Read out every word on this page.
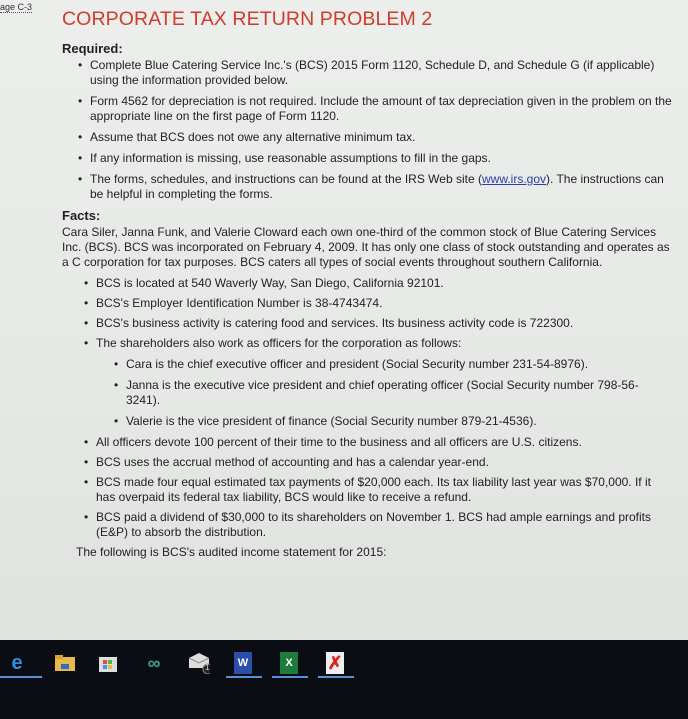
age C-3
CORPORATE TAX RETURN PROBLEM 2
Required:
• Complete Blue Catering Service Inc.'s (BCS) 2015 Form 1120, Schedule D, and Schedule G (if applicable) using the information provided below.
• Form 4562 for depreciation is not required. Include the amount of tax depreciation given in the problem on the appropriate line on the first page of Form 1120.
• Assume that BCS does not owe any alternative minimum tax.
• If any information is missing, use reasonable assumptions to fill in the gaps.
• The forms, schedules, and instructions can be found at the IRS Web site (www.irs.gov). The instructions can be helpful in completing the forms.
Facts:

Cara Siler, Janna Funk, and Valerie Cloward each own one-third of the common stock of Blue Catering Services Inc. (BCS). BCS was incorporated on February 4, 2009. It has only one class of stock outstanding and operates as a C corporation for tax purposes. BCS caters all types of social events throughout southern California.

• BCS is located at 540 Waverly Way, San Diego, California 92101.
• BCS's Employer Identification Number is 38-4743474.
• BCS's business activity is catering food and services. Its business activity code is 722300.
• The shareholders also work as officers for the corporation as follows:
• Cara is the chief executive officer and president (Social Security number 231-54-8976).
• Janna is the executive vice president and chief operating officer (Social Security number 798-56-3241).
• Valerie is the vice president of finance (Social Security number 879-21-4536).
• All officers devote 100 percent of their time to the business and all officers are U.S. citizens.
• BCS uses the accrual method of accounting and has a calendar year-end.
• BCS made four equal estimated tax payments of $20,000 each. Its tax liability last year was $70,000. If it has overpaid its federal tax liability, BCS would like to receive a refund.
• BCS paid a dividend of $30,000 to its shareholders on November 1. BCS had ample earnings and profits (E&P) to absorb the distribution.

The following is BCS's audited income statement for 2015:

e	∞	1	W	X ✗
